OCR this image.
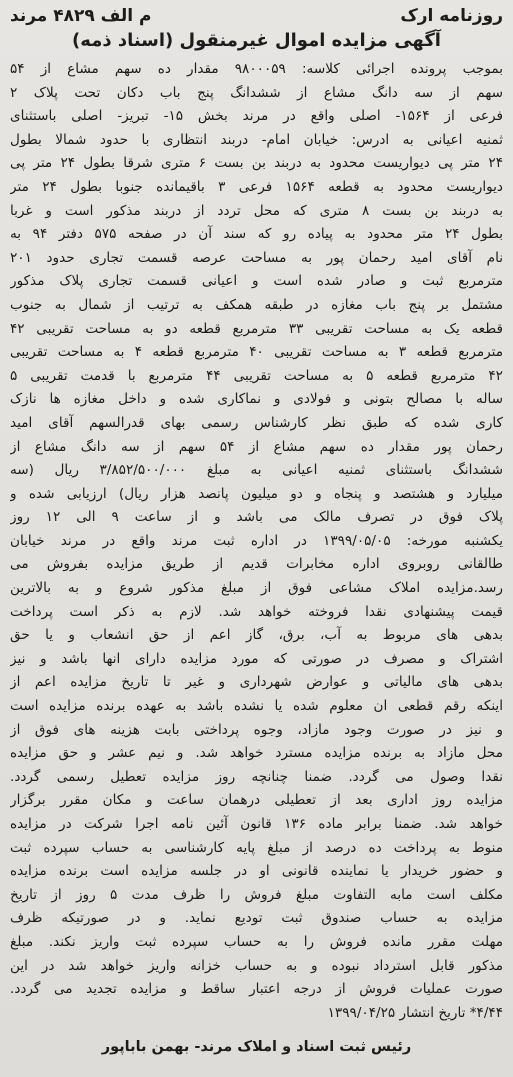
روزنامه ارک
م الف ۴۸۲۹ مرند
آگهی مزایده اموال غیرمنقول (اسناد ذمه)
بموجب پرونده اجرائی کلاسه: ۹۸۰۰۰۵۹ مقدار ده سهم مشاع از ۵۴
سهم از سه دانگ مشاع از ششدانگ پنج باب دکان تحت پلاک ۲
فرعی از ۱۵۶۴- اصلی واقع در مرند بخش ۱۵- تبریز- اصلی باستثنای
ثمنیه اعیانی به ادرس: خیابان امام- دربند انتظاری با حدود شمالا بطول
۲۴ متر پی دیواریست محدود به دربند بن بست ۶ متری شرقا بطول ۲۴ متر پی
دیواریست محدود به قطعه ۱۵۶۴ فرعی ۳ باقیمانده جنوبا بطول ۲۴ متر
به دربند بن بست ۸ متری که محل تردد از دربند مذکور است و غربا
بطول ۲۴ متر محدود به پیاده رو که سند آن در صفحه ۵۷۵ دفتر ۹۴ به
نام آقای امید رحمان پور به مساحت عرصه قسمت تجاری حدود ۲۰۱
مترمربع ثبت و صادر شده است و اعیانی قسمت تجاری پلاک مذکور
مشتمل بر پنج باب مغازه در طبقه همکف به ترتیب از شمال به جنوب
قطعه یک به مساحت تقریبی ۳۳ مترمربع قطعه دو به مساحت تقریبی ۴۲
مترمربع قطعه ۳ به مساحت تقریبی ۴۰ مترمربع قطعه ۴ به مساحت تقریبی
۴۲ مترمربع قطعه ۵ به مساحت تقریبی ۴۴ مترمربع با قدمت تقریبی ۵
ساله با مصالح بتونی و فولادی و نماکاری شده و داخل مغازه ها نازک
کاری شده که طبق نظر کارشناس رسمی بهای قدرالسهم آقای امید
رحمان پور مقدار ده سهم مشاع از ۵۴ سهم از سه دانگ مشاع از
ششدانگ باستثنای ثمنیه اعیانی به مبلغ ۳/۸۵۲/۵۰۰/۰۰۰ ریال (سه
میلیارد و هشتصد و پنجاه و دو میلیون پانصد هزار ریال) ارزیابی شده و
پلاک فوق در تصرف مالک می باشد و از ساعت ۹ الی ۱۲ روز
یکشنبه مورخه: ۱۳۹۹/۰۵/۰۵ در اداره ثبت مرند واقع در مرند خیابان
طالقانی روبروی اداره مخابرات قدیم از طریق مزایده بفروش می
رسد.مزایده املاک مشاعی فوق از مبلغ مذکور شروع و به بالاترین
قیمت پیشنهادی نقدا فروخته خواهد شد. لازم به ذکر است پرداخت
بدهی های مربوط به آب، برق، گاز اعم از حق انشعاب و یا حق
اشتراک و مصرف در صورتی که مورد مزایده دارای انها باشد و نیز
بدهی های مالیاتی و عوارض شهرداری و غیر تا تاریخ مزایده اعم از
اینکه رقم قطعی ان معلوم شده یا نشده باشد به عهده برنده مزایده است
و نیز در صورت وجود مازاد، وجوه پرداختی بابت هزینه های فوق از
محل مازاد به برنده مزایده مسترد خواهد شد. و نیم عشر و حق مزایده
نقدا وصول می گردد. ضمنا چنانچه روز مزایده تعطیل رسمی گردد.
مزایده روز اداری بعد از تعطیلی درهمان ساعت و مکان مقرر برگزار
خواهد شد. ضمنا برابر ماده ۱۳۶ قانون آئین نامه اجرا شرکت در مزایده
منوط به پرداخت ده درصد از مبلغ پایه کارشناسی به حساب سپرده ثبت
و حضور خریدار یا نماینده قانونی او در جلسه مزایده است برنده مزایده
مکلف است مابه التفاوت مبلغ فروش را ظرف مدت ۵ روز از تاریخ
مزایده به حساب صندوق ثبت تودیع نماید. و در صورتیکه ظرف
مهلت مقرر مانده فروش را به حساب سپرده ثبت واریز نکند. مبلغ
مذکور قابل استرداد نبوده و به حساب خزانه واریز خواهد شد در این
صورت عملیات فروش از درجه اعتبار ساقط و مزایده تجدید می گردد.
۴/۴۴* تاریخ انتشار ۱۳۹۹/۰۴/۲۵
رئیس ثبت اسناد و املاک مرند- بهمن باباپور
